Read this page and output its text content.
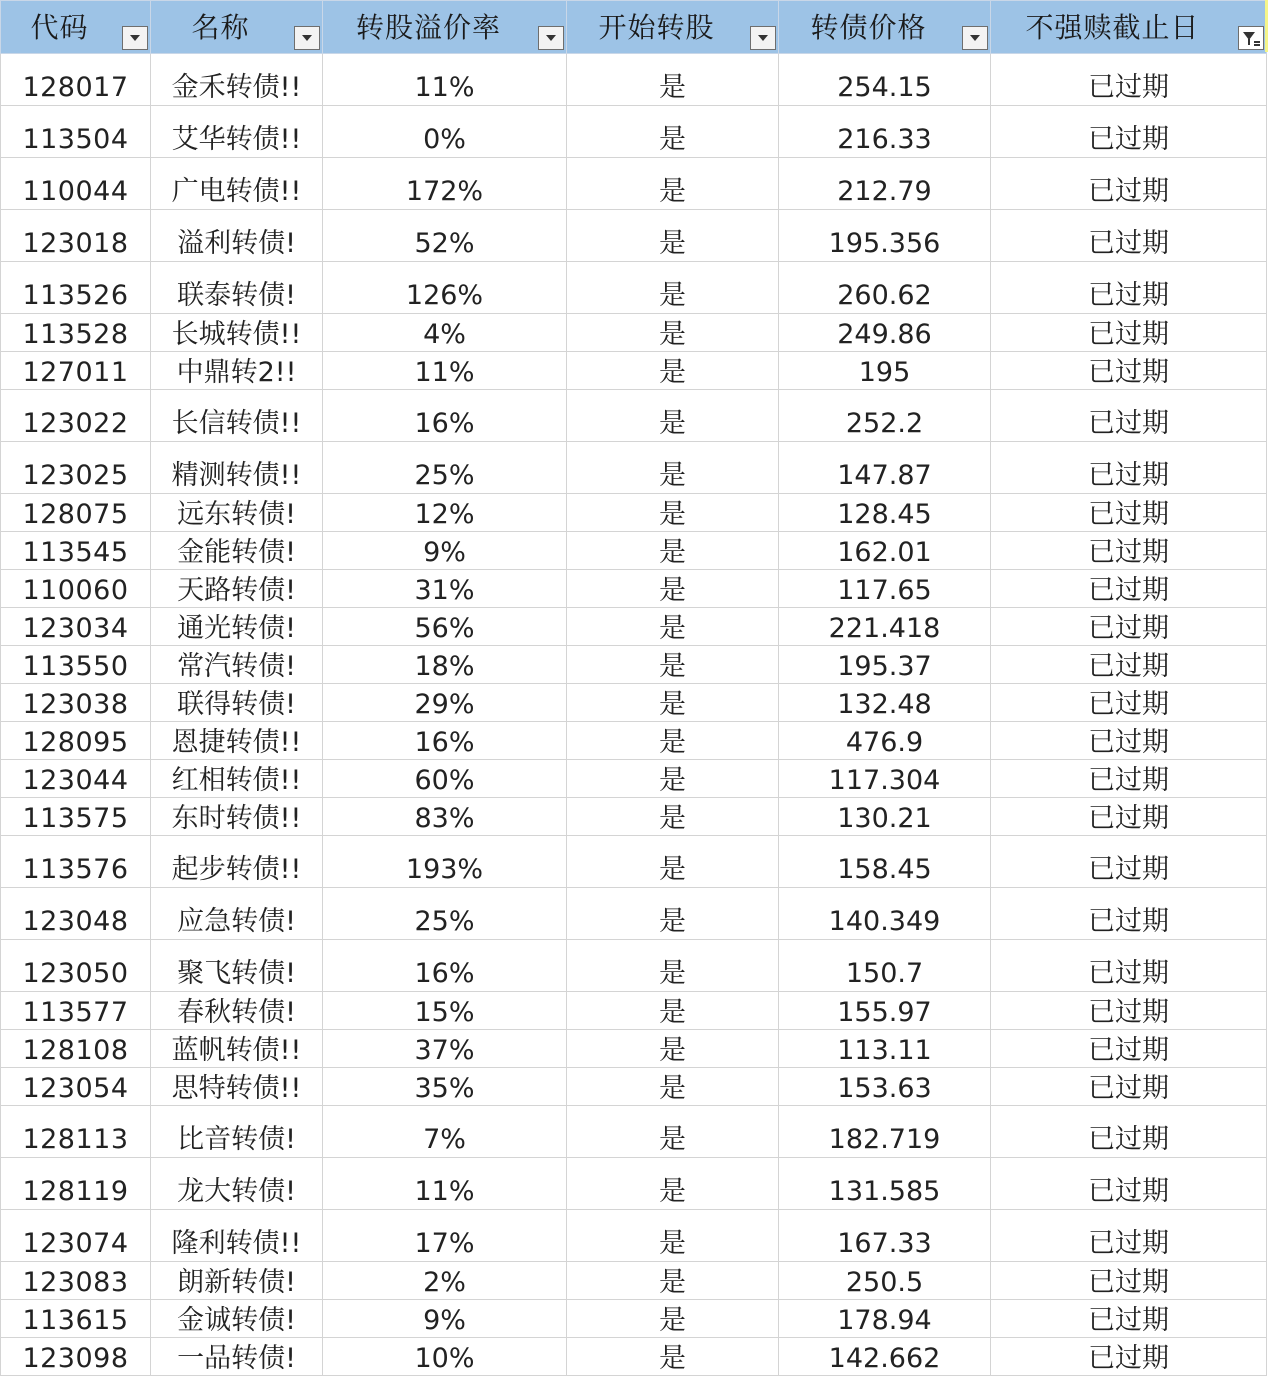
代码	名称	转股溢价率	开始转股	转债价格	不强赎截止日

128017	金禾转债!!	11%	是	254.15	已过期
113504	艾华转债!!	0%	是	216.33	已过期
110044	广电转债!!	172%	是	212.79	已过期
123018	溢利转债!	52%	是	195.356	已过期
113526	联泰转债!	126%	是	260.62	已过期
113528	长城转债!!	4%	是	249.86	已过期
127011	中鼎转2!!	11%	是	195	已过期
123022	长信转债!!	16%	是	252.2	已过期
123025	精测转债!!	25%	是	147.87	已过期
128075	远东转债!	12%	是	128.45	已过期
113545	金能转债!	9%	是	162.01	已过期
110060	天路转债!	31%	是	117.65	已过期
123034	通光转债!	56%	是	221.418	已过期
113550	常汽转债!	18%	是	195.37	已过期
123038	联得转债!	29%	是	132.48	已过期
128095	恩捷转债!!	16%	是	476.9	已过期
123044	红相转债!!	60%	是	117.304	已过期
113575	东时转债!!	83%	是	130.21	已过期
113576	起步转债!!	193%	是	158.45	已过期
123048	应急转债!	25%	是	140.349	已过期
123050	聚飞转债!	16%	是	150.7	已过期
113577	春秋转债!	15%	是	155.97	已过期
128108	蓝帆转债!!	37%	是	113.11	已过期
123054	思特转债!!	35%	是	153.63	已过期
128113	比音转债!	7%	是	182.719	已过期
128119	龙大转债!	11%	是	131.585	已过期
123074	隆利转债!!	17%	是	167.33	已过期
123083	朗新转债!	2%	是	250.5	已过期
113615	金诚转债!	9%	是	178.94	已过期
123098	一品转债!	10%	是	142.662	已过期
